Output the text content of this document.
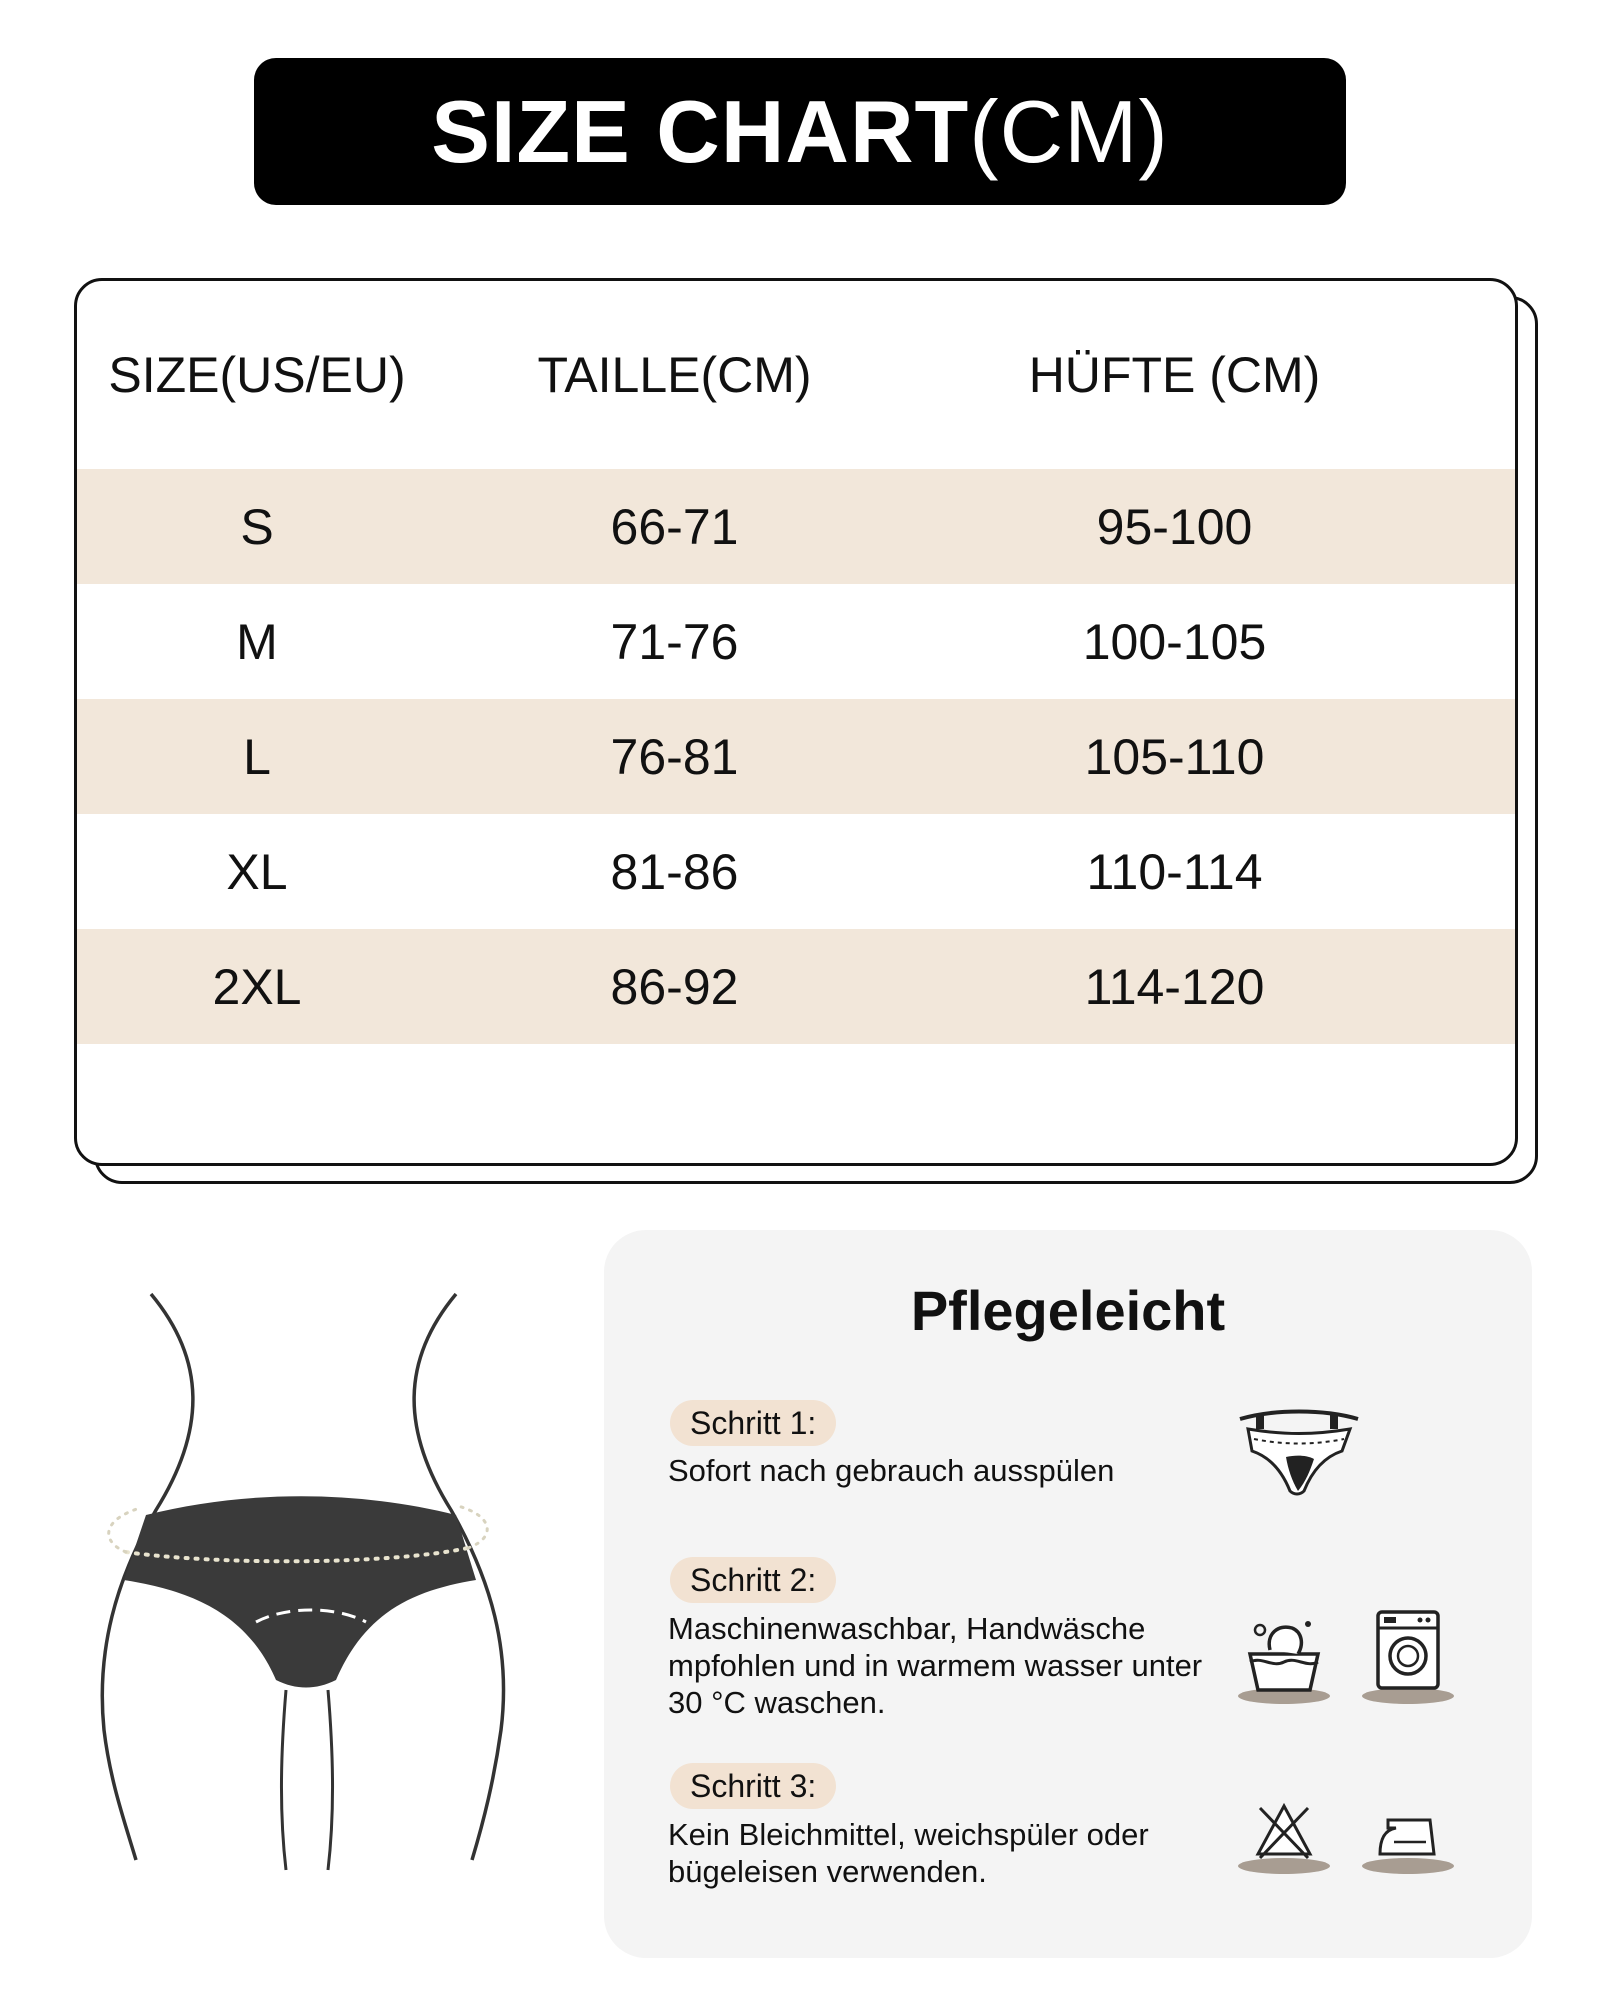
SIZE CHART(CM)
SIZE(US/EU)	TAILLE(CM)	HÜFTE (CM)
S	66-71	95-100
M	71-76	100-105
L	76-81	105-110
XL	81-86	110-114
2XL	86-92	114-120
Pflegeleicht
Schritt 1:
Sofort nach gebrauch ausspülen
Schritt 2:
Maschinenwaschbar, Handwäsche mpfohlen und in warmem wasser unter 30 °C waschen.
Schritt 3:
Kein Bleichmittel, weichspüler oder bügeleisen verwenden.
